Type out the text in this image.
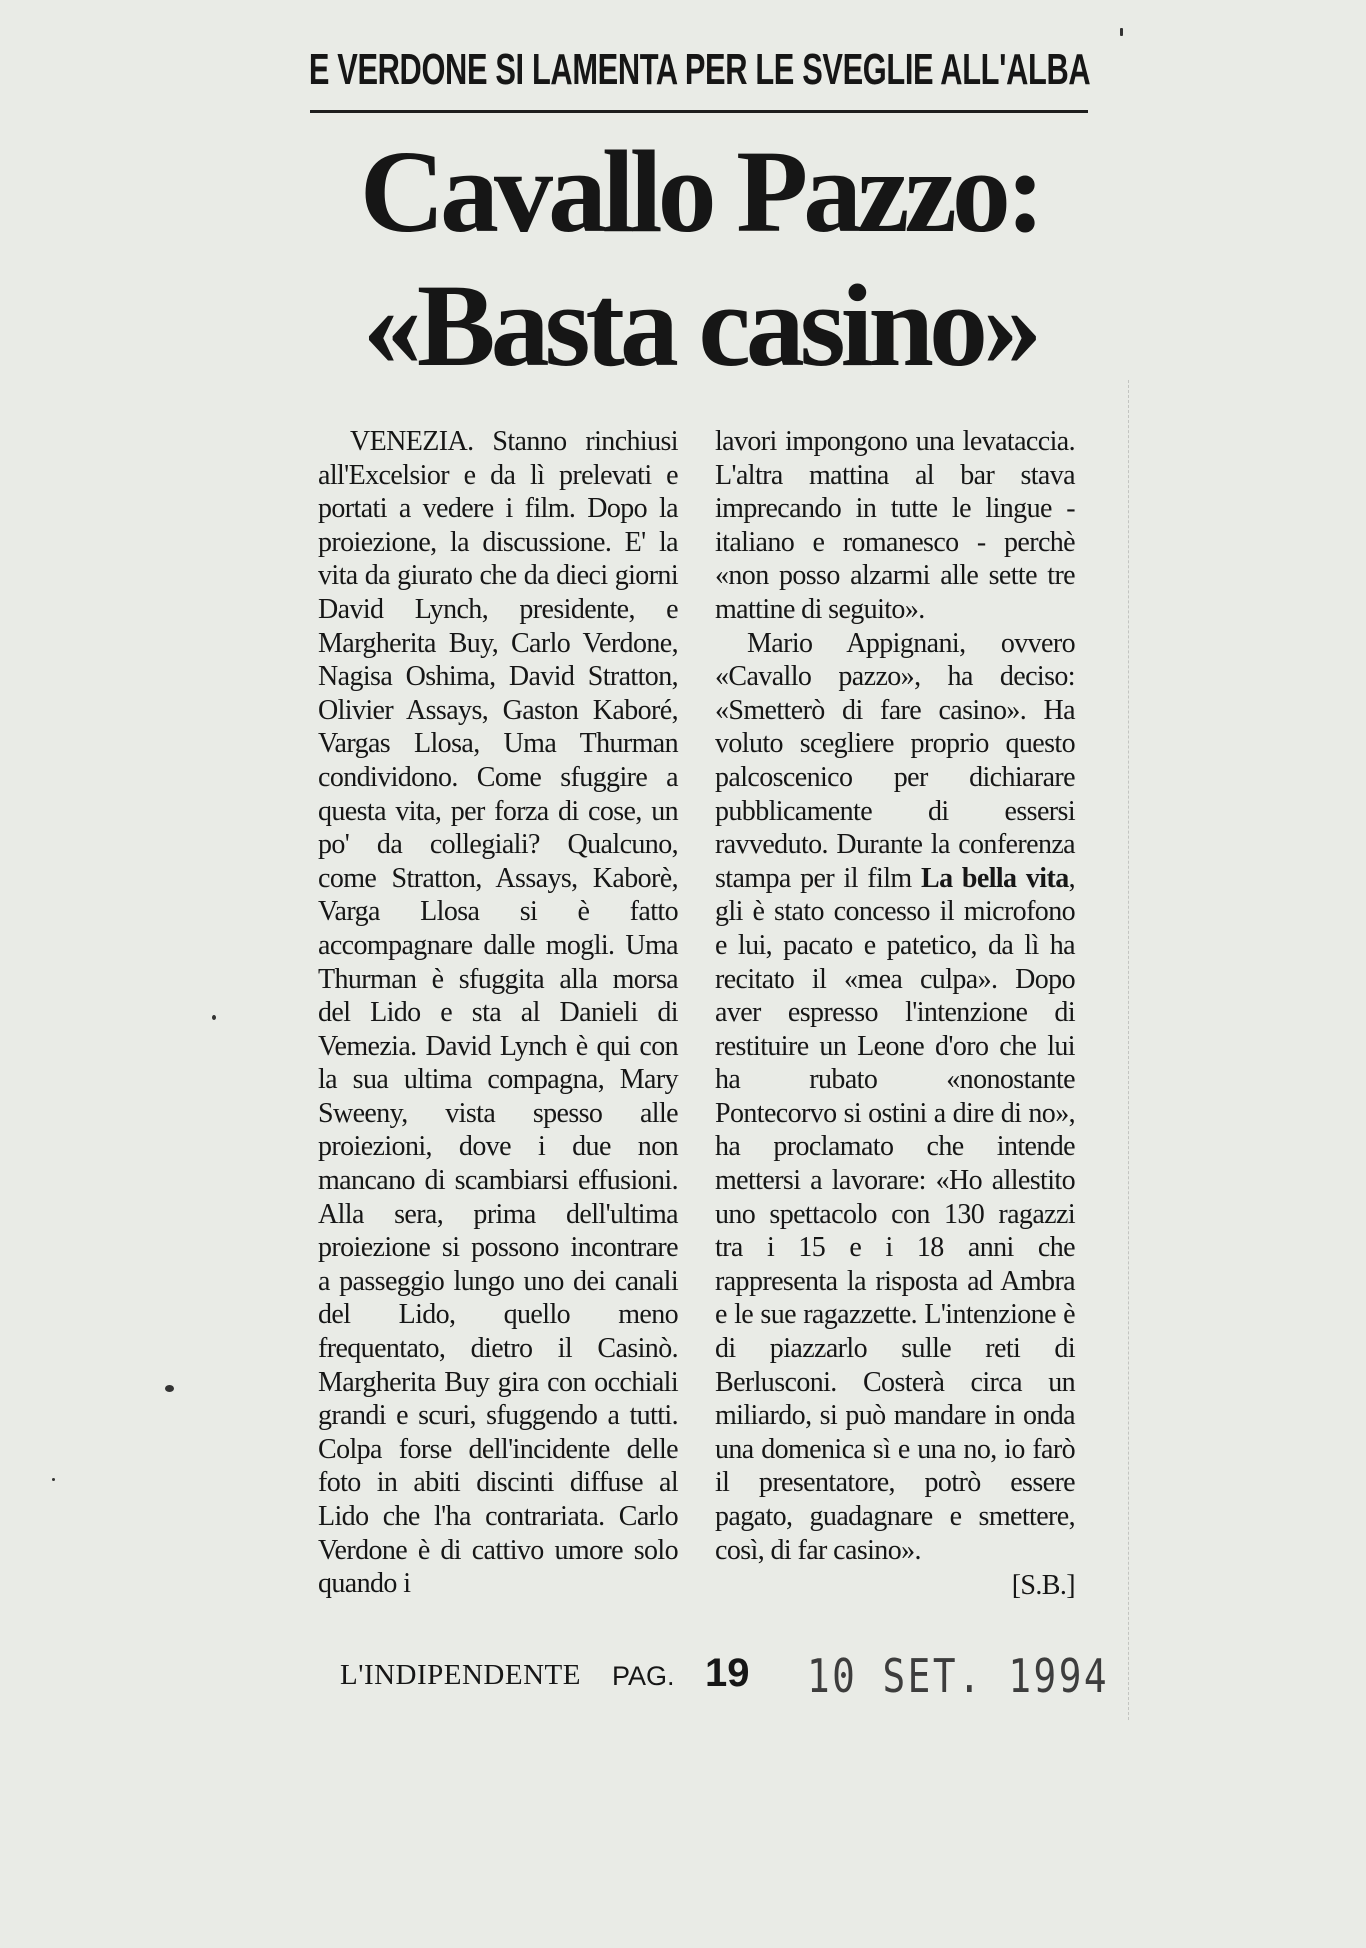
E VERDONE SI LAMENTA PER LE SVEGLIE ALL'ALBA
Cavallo Pazzo:
«Basta casino»

VENEZIA. Stanno rinchiusi all'Excelsior e da lì prelevati e portati a vedere i film. Dopo la proiezione, la discussione. E' la vita da giurato che da dieci giorni David Lynch, presidente, e Margherita Buy, Carlo Verdone, Nagisa Oshima, David Stratton, Olivier Assays, Gaston Kaboré, Vargas Llosa, Uma Thurman condividono. Come sfuggire a questa vita, per forza di cose, un po' da collegiali? Qualcuno, come Stratton, Assays, Kaborè, Varga Llosa si è fatto accompagnare dalle mogli. Uma Thurman è sfuggita alla morsa del Lido e sta al Danieli di Vemezia. David Lynch è qui con la sua ultima compagna, Mary Sweeny, vista spesso alle proiezioni, dove i due non mancano di scambiarsi effusioni. Alla sera, prima dell'ultima proiezione si possono incontrare a passeggio lungo uno dei canali del Lido, quello meno frequentato, dietro il Casinò. Margherita Buy gira con occhiali grandi e scuri, sfuggendo a tutti. Colpa forse dell'incidente delle foto in abiti discinti diffuse al Lido che l'ha contrariata. Carlo Verdone è di cattivo umore solo quando i

lavori impongono una levataccia. L'altra mattina al bar stava imprecando in tutte le lingue - italiano e romanesco - perchè «non posso alzarmi alle sette tre mattine di seguito».

Mario Appignani, ovvero «Cavallo pazzo», ha deciso: «Smetterò di fare casino». Ha voluto scegliere proprio questo palcoscenico per dichiarare pubblicamente di essersi ravveduto. Durante la conferenza stampa per il film La bella vita, gli è stato concesso il microfono e lui, pacato e patetico, da lì ha recitato il «mea culpa». Dopo aver espresso l'intenzione di restituire un Leone d'oro che lui ha rubato «nonostante Pontecorvo si ostini a dire di no», ha proclamato che intende mettersi a lavorare: «Ho allestito uno spettacolo con 130 ragazzi tra i 15 e i 18 anni che rappresenta la risposta ad Ambra e le sue ragazzette. L'intenzione è di piazzarlo sulle reti di Berlusconi. Costerà circa un miliardo, si può mandare in onda una domenica sì e una no, io farò il presentatore, potrò essere pagato, guadagnare e smettere, così, di far casino».

[S.B.]

L'INDIPENDENTE PAG. 19 10 SET. 1994
